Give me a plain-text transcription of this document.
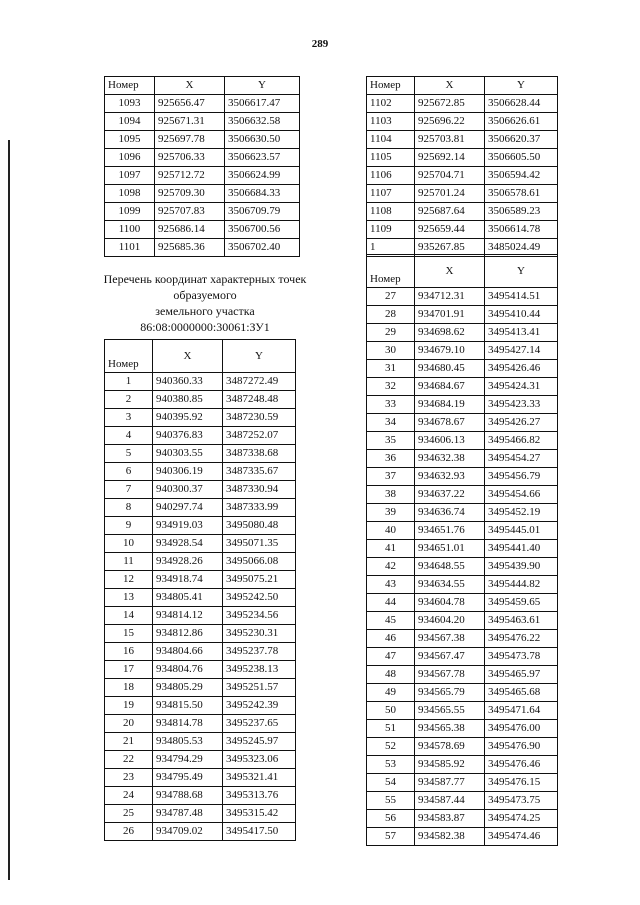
289
Номер	X	Y
1093	925656.47	3506617.47
1094	925671.31	3506632.58
1095	925697.78	3506630.50
1096	925706.33	3506623.57
1097	925712.72	3506624.99
1098	925709.30	3506684.33
1099	925707.83	3506709.79
1100	925686.14	3506700.56
1101	925685.36	3506702.40
Номер	X	Y
1102	925672.85	3506628.44
1103	925696.22	3506626.61
1104	925703.81	3506620.37
1105	925692.14	3506605.50
1106	925704.71	3506594.42
1107	925701.24	3506578.61
1108	925687.64	3506589.23
1109	925659.44	3506614.78
1	935267.85	3485024.49
Перечень координат характерных точек
образуемого
земельного участка
86:08:0000000:30061:ЗУ1
Номер	X	Y
1	940360.33	3487272.49
2	940380.85	3487248.48
3	940395.92	3487230.59
4	940376.83	3487252.07
5	940303.55	3487338.68
6	940306.19	3487335.67
7	940300.37	3487330.94
8	940297.74	3487333.99
9	934919.03	3495080.48
10	934928.54	3495071.35
11	934928.26	3495066.08
12	934918.74	3495075.21
13	934805.41	3495242.50
14	934814.12	3495234.56
15	934812.86	3495230.31
16	934804.66	3495237.78
17	934804.76	3495238.13
18	934805.29	3495251.57
19	934815.50	3495242.39
20	934814.78	3495237.65
21	934805.53	3495245.97
22	934794.29	3495323.06
23	934795.49	3495321.41
24	934788.68	3495313.76
25	934787.48	3495315.42
26	934709.02	3495417.50
Номер	X	Y
27	934712.31	3495414.51
28	934701.91	3495410.44
29	934698.62	3495413.41
30	934679.10	3495427.14
31	934680.45	3495426.46
32	934684.67	3495424.31
33	934684.19	3495423.33
34	934678.67	3495426.27
35	934606.13	3495466.82
36	934632.38	3495454.27
37	934632.93	3495456.79
38	934637.22	3495454.66
39	934636.74	3495452.19
40	934651.76	3495445.01
41	934651.01	3495441.40
42	934648.55	3495439.90
43	934634.55	3495444.82
44	934604.78	3495459.65
45	934604.20	3495463.61
46	934567.38	3495476.22
47	934567.47	3495473.78
48	934567.78	3495465.97
49	934565.79	3495465.68
50	934565.55	3495471.64
51	934565.38	3495476.00
52	934578.69	3495476.90
53	934585.92	3495476.46
54	934587.77	3495476.15
55	934587.44	3495473.75
56	934583.87	3495474.25
57	934582.38	3495474.46
